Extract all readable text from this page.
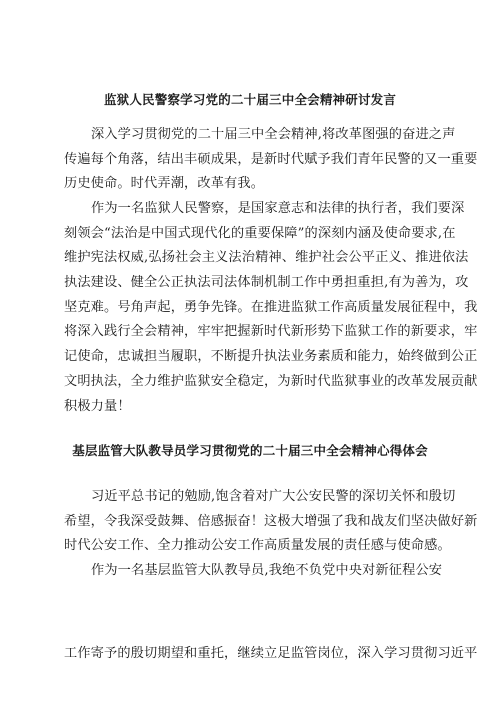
监狱人民警察学习党的二十届三中全会精神研讨发言

深入学习贯彻党的二十届三中全会精神,将改革图强的奋进之声
传遍每个角落，结出丰硕成果，是新时代赋予我们青年民警的又一重要
历史使命。时代弄潮，改革有我。

作为一名监狱人民警察，是国家意志和法律的执行者，我们要深
刻领会“法治是中国式现代化的重要保障”的深刻内涵及使命要求,在
维护宪法权威,弘扬社会主义法治精神、维护社会公平正义、推进依法
执法建设、健全公正执法司法体制机制工作中勇担重担,有为善为，攻
坚克难。号角声起，勇争先锋。在推进监狱工作高质量发展征程中，我
将深入践行全会精神，牢牢把握新时代新形势下监狱工作的新要求，牢
记使命，忠诚担当履职，不断提升执法业务素质和能力，始终做到公正
文明执法，全力维护监狱安全稳定，为新时代监狱事业的改革发展贡献
积极力量！

基层监管大队教导员学习贯彻党的二十届三中全会精神心得体会

习近平总书记的勉励,饱含着对广大公安民警的深切关怀和殷切
希望，令我深受鼓舞、倍感振奋！这极大增强了我和战友们坚决做好新
时代公安工作、全力推动公安工作高质量发展的责任感与使命感。

作为一名基层监管大队教导员,我绝不负党中央对新征程公安

工作寄予的殷切期望和重托，继续立足监管岗位，深入学习贯彻习近平
